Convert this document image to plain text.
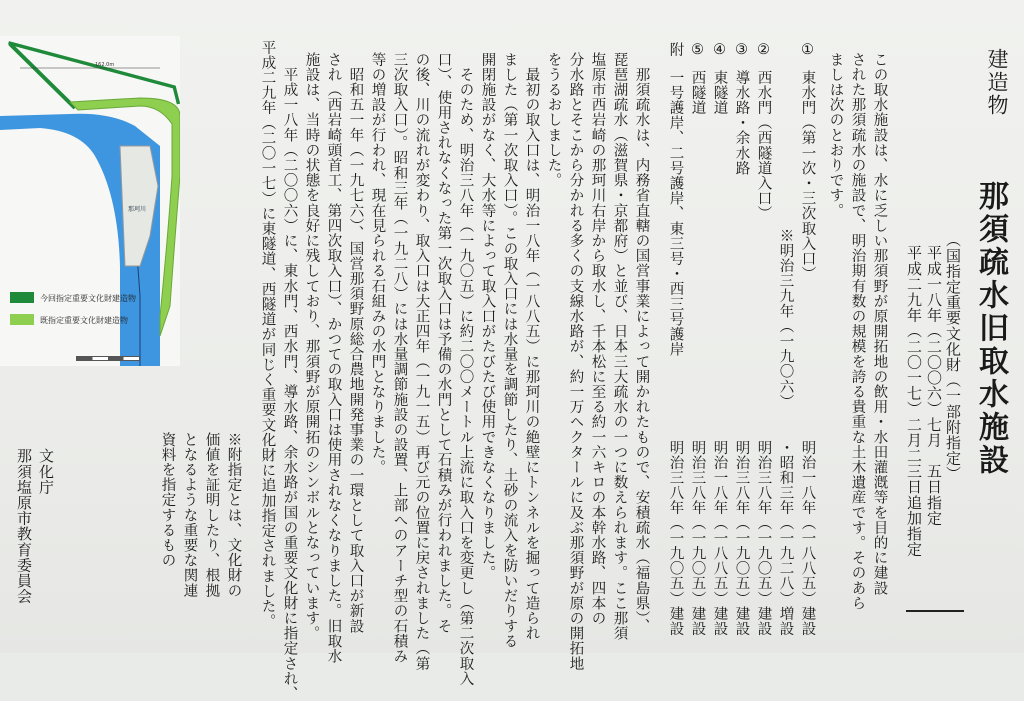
建造物
那須疏水旧取水施設
（国指定重要文化財（一部附指定）
平成一八年（二〇〇六）七月　五日指定
平成二九年（二〇一七）二月二三日追加指定
この取水施設は、水に乏しい那須野が原開拓地の飲用・水田灌漑等を目的に建設
された那須疏水の施設で、明治期有数の規模を誇る貴重な土木遺産です。そのあら
ましは次のとおりです。
①
東水門（第一次・三次取入口）
※明治三九年（一九〇六）
明治一八年（一八八五）建設
・昭和三年（一九二八）増設
②
西水門（西隧道入口）
明治三八年（一九〇五）建設
③
導水路・余水路
明治三八年（一九〇五）建設
④
東隧道
明治一八年（一八八五）建設
⑤
西隧道
明治三八年（一九〇五）建設
附
一号護岸、二号護岸、東三号・西三号護岸
明治三八年（一九〇五）建設
　那須疏水は、内務省直轄の国営事業によって開かれたもので、安積疏水（福島県）、
琵琶湖疏水（滋賀県・京都府）と並び、日本三大疏水の一つに数えられます。ここ那須
塩原市西岩崎の那珂川右岸から取水し、千本松に至る約一六キロの本幹水路、四本の
分水路とそこから分かれる多くの支線水路が、約一万ヘクタールに及ぶ那須野が原の開拓地
をうるおしました。
　最初の取入口は、明治一八年（一八八五）に那珂川の絶壁にトンネルを掘って造られ
ました（第一次取入口）。この取入口には水量を調節したり、土砂の流入を防いだりする
開閉施設がなく、大水等によって取入口がたびたび使用できなくなりました。
　そのため、明治三八年（一九〇五）に約二〇〇メートル上流に取入口を変更し（第二次取入
口）、使用されなくなった第一次取入口は予備の水門として石積みが行われました。そ
の後、川の流れが変わり、取入口は大正四年（一九一五）再び元の位置に戻されました（第
三次取入口）。昭和三年（一九二八）には水量調節施設の設置、上部へのアーチ型の石積み
等の増設が行われ、現在見られる石組みの水門となりました。
　昭和五一年（一九七六）、国営那須野原総合農地開発事業の一環として取入口が新設
され（西岩崎頭首工、第四次取入口）、かつての取入口は使用されなくなりました。旧取水
施設は、当時の状態を良好に残しており、那須野が原開拓のシンボルとなっています。
　平成一八年（二〇〇六）に、東水門、西水門、導水路、余水路が国の重要文化財に指定され、
平成二九年（二〇一七）に東隧道、西隧道が同じく重要文化財に追加指定されました。
※附指定とは、文化財の
価値を証明したり、根拠
となるような重要な関連
資料を指定するもの
文化庁
那須塩原市教育委員会
162.0m
那珂川
今回指定重要文化財建造物
既指定重要文化財建造物
